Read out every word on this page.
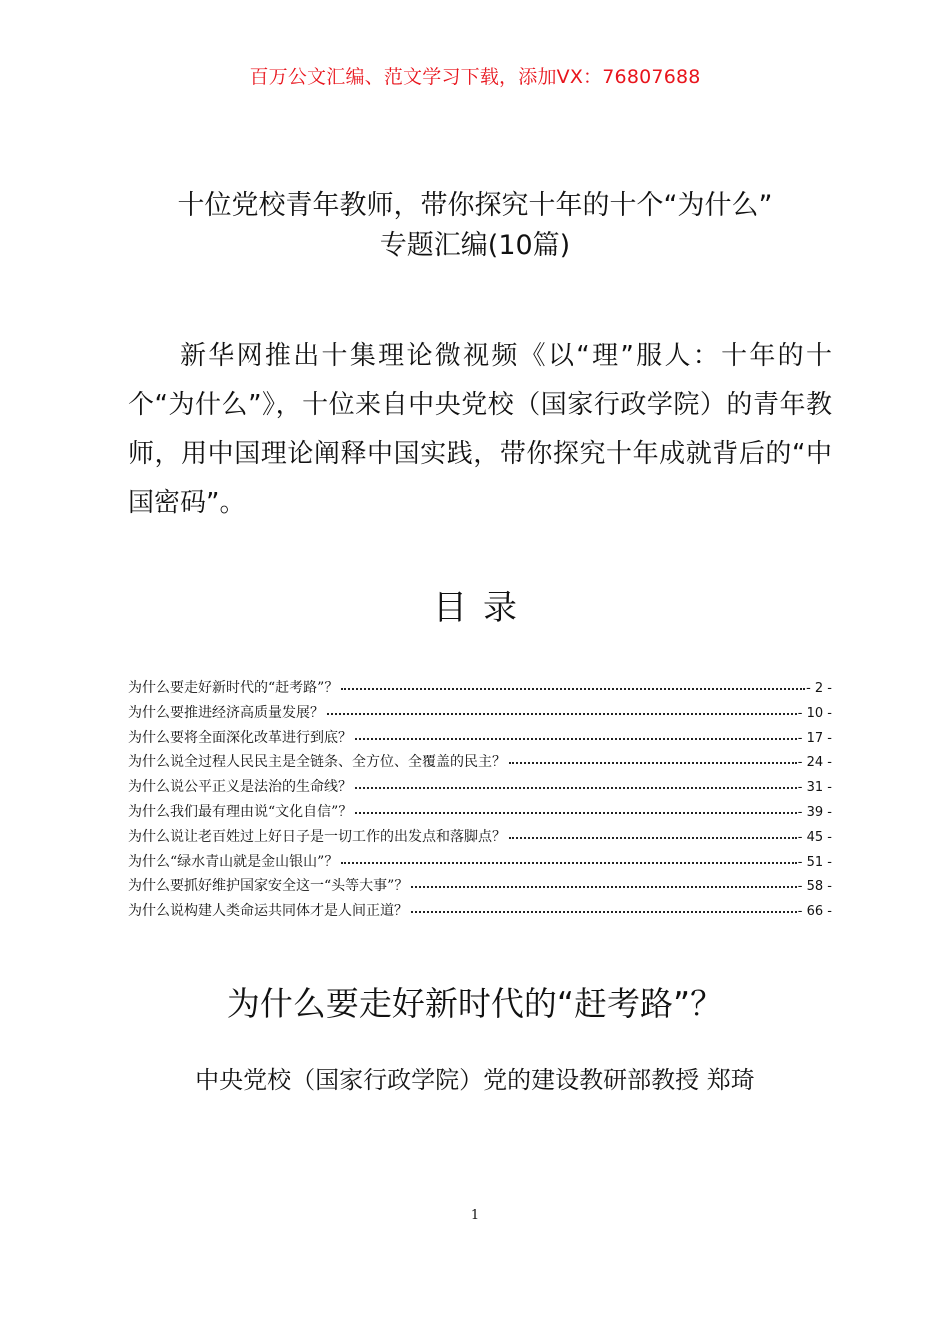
百万公文汇编、范文学习下载，添加VX：76807688
十位党校青年教师，带你探究十年的十个“为什么”
专题汇编(10篇)

新华网推出十集理论微视频《以“理”服人：十年的十个“为什么”》，十位来自中央党校（国家行政学院）的青年教师，用中国理论阐释中国实践，带你探究十年成就背后的“中国密码”。

目录
为什么要走好新时代的“赶考路”？	- 2 -
为什么要推进经济高质量发展？	- 10 -
为什么要将全面深化改革进行到底？	- 17 -
为什么说全过程人民民主是全链条、全方位、全覆盖的民主？	- 24 -
为什么说公平正义是法治的生命线？	- 31 -
为什么我们最有理由说“文化自信”？	- 39 -
为什么说让老百姓过上好日子是一切工作的出发点和落脚点？	- 45 -
为什么“绿水青山就是金山银山”？	- 51 -
为什么要抓好维护国家安全这一“头等大事”？	- 58 -
为什么说构建人类命运共同体才是人间正道？	- 66 -
为什么要走好新时代的“赶考路”？
中央党校（国家行政学院）党的建设教研部教授 郑琦
1
